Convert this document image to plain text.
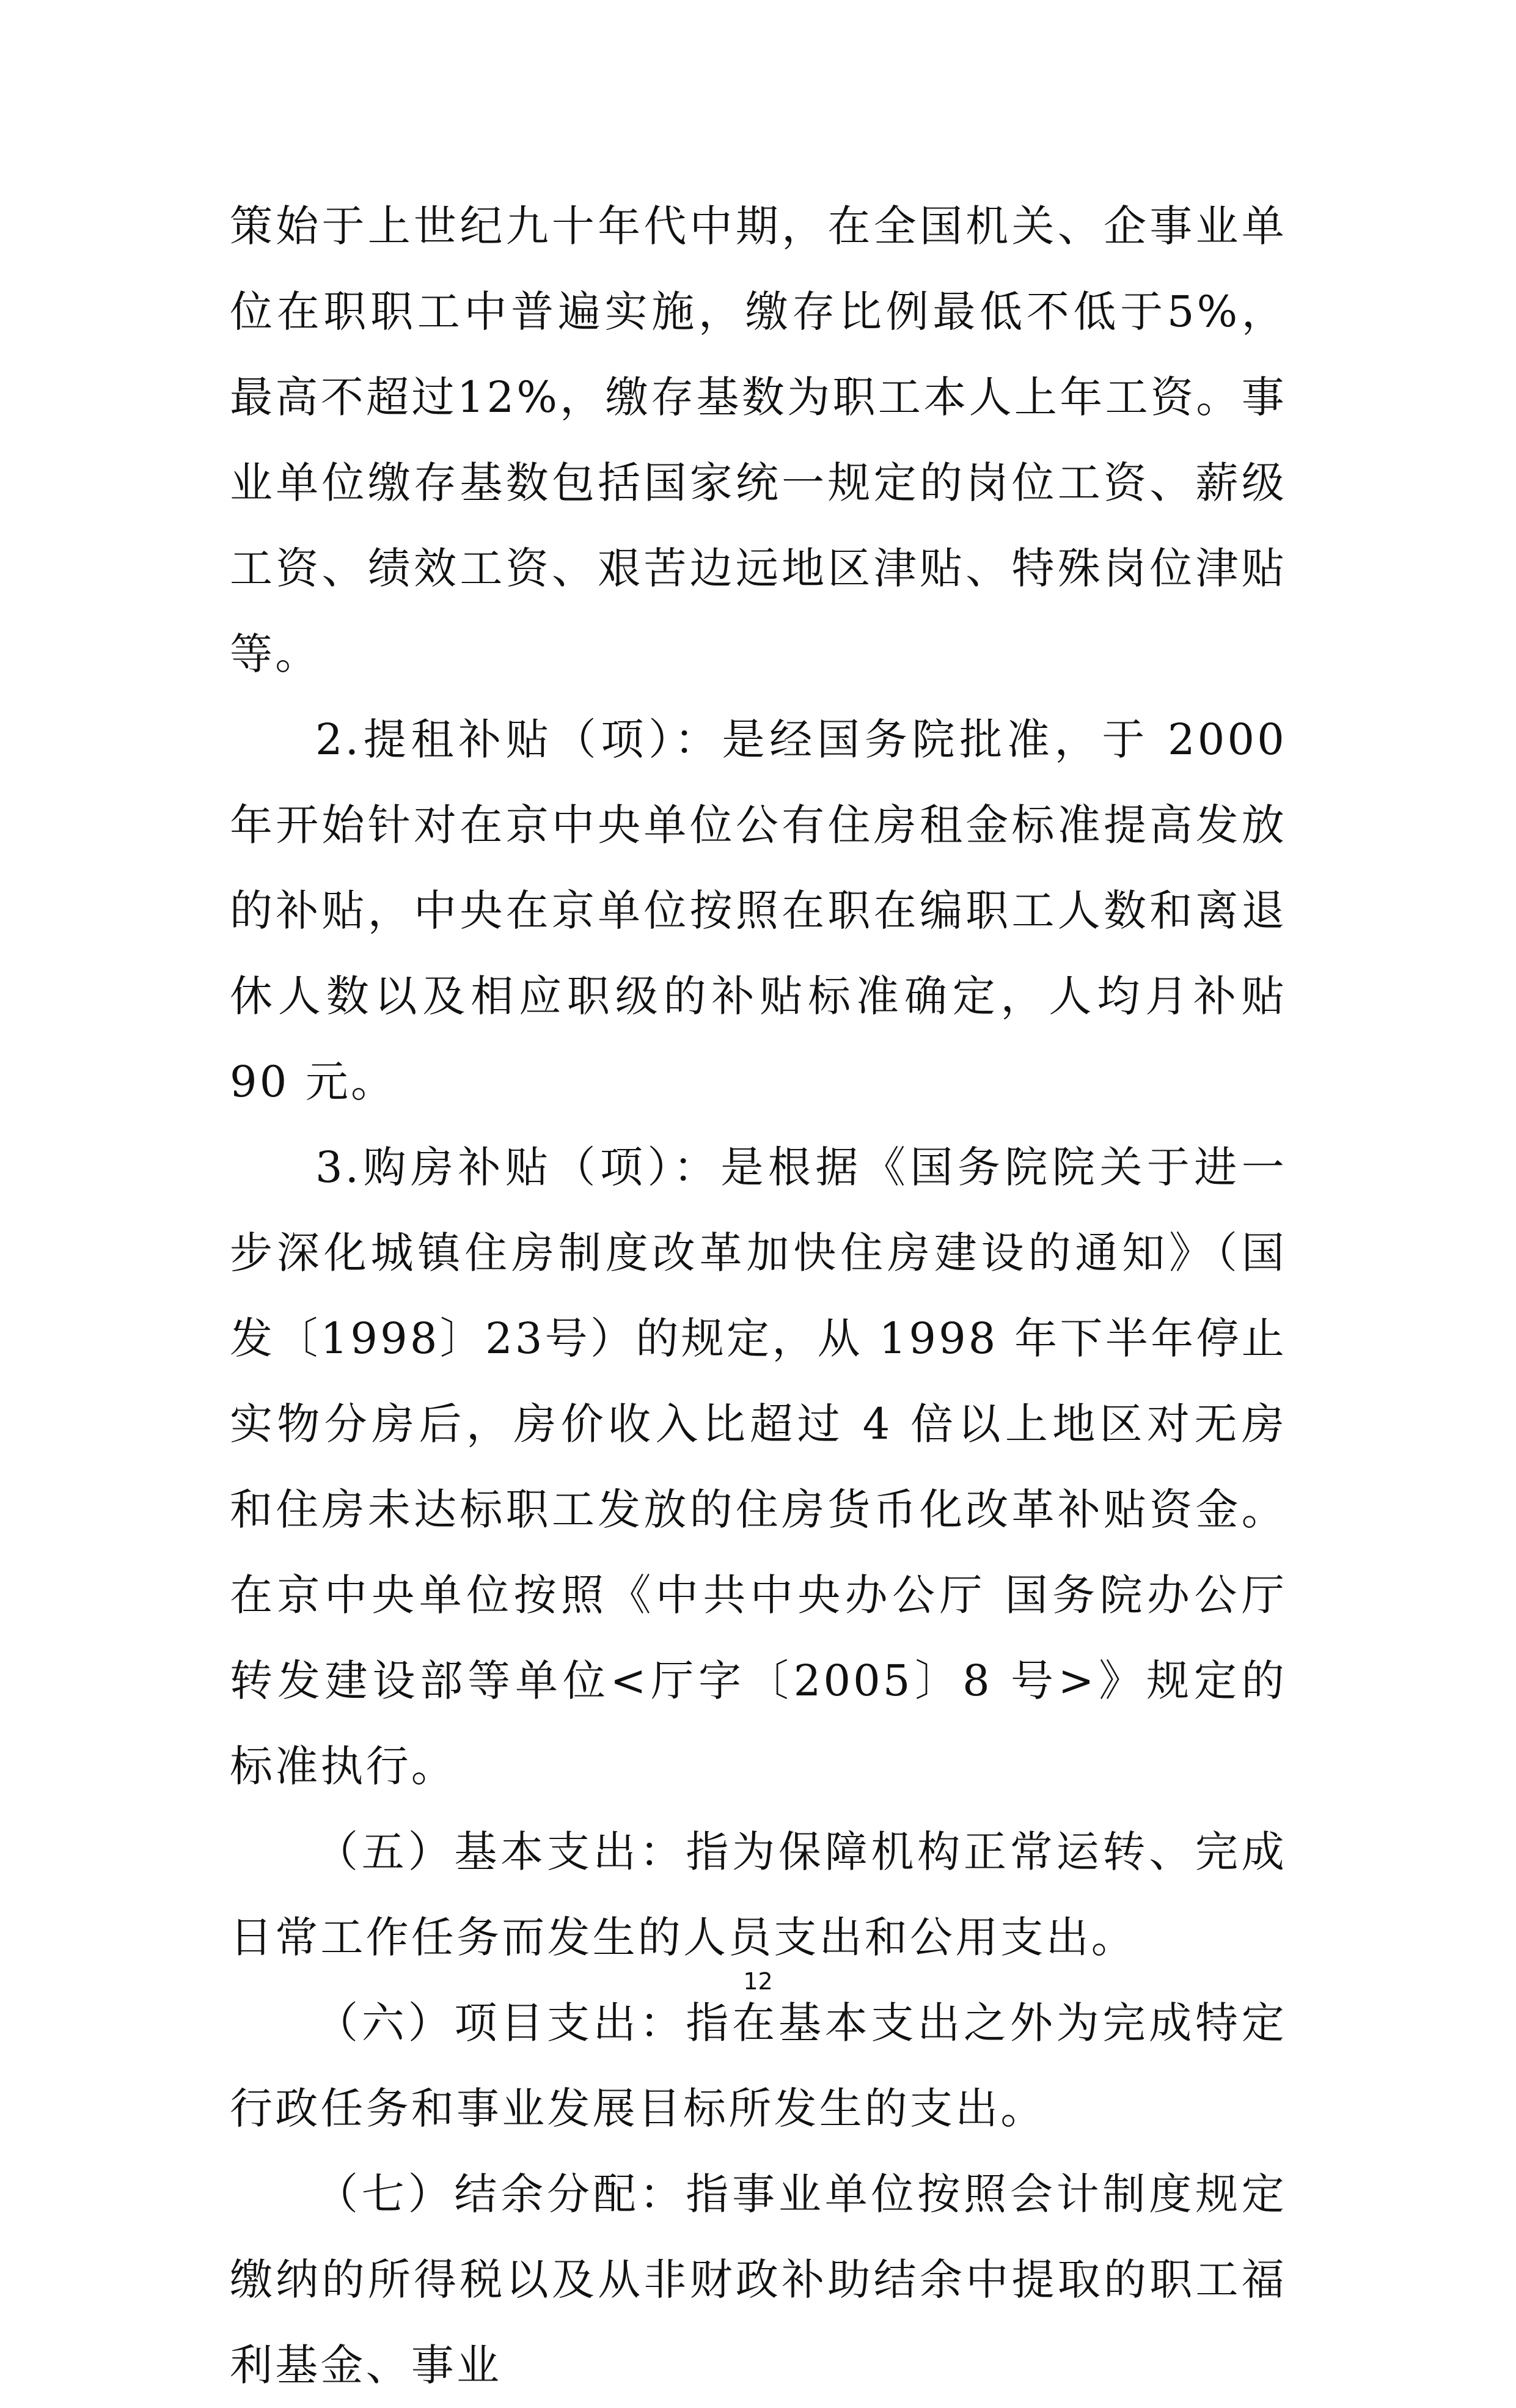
策始于上世纪九十年代中期，在全国机关、企事业单位在职职工中普遍实施，缴存比例最低不低于5%，最高不超过12%，缴存基数为职工本人上年工资。事业单位缴存基数包括国家统一规定的岗位工资、薪级工资、绩效工资、艰苦边远地区津贴、特殊岗位津贴等。

2.提租补贴（项）：是经国务院批准，于 2000 年开始针对在京中央单位公有住房租金标准提高发放的补贴，中央在京单位按照在职在编职工人数和离退休人数以及相应职级的补贴标准确定，人均月补贴 90 元。

3.购房补贴（项）：是根据《国务院院关于进一步深化城镇住房制度改革加快住房建设的通知》（国发〔1998〕23号）的规定，从 1998 年下半年停止实物分房后，房价收入比超过 4 倍以上地区对无房和住房未达标职工发放的住房货币化改革补贴资金。在京中央单位按照《中共中央办公厅 国务院办公厅转发建设部等单位<厅字〔2005〕8 号>》规定的标准执行。

（五）基本支出：指为保障机构正常运转、完成日常工作任务而发生的人员支出和公用支出。

（六）项目支出：指在基本支出之外为完成特定行政任务和事业发展目标所发生的支出。

（七）结余分配：指事业单位按照会计制度规定缴纳的所得税以及从非财政补助结余中提取的职工福利基金、事业

12
